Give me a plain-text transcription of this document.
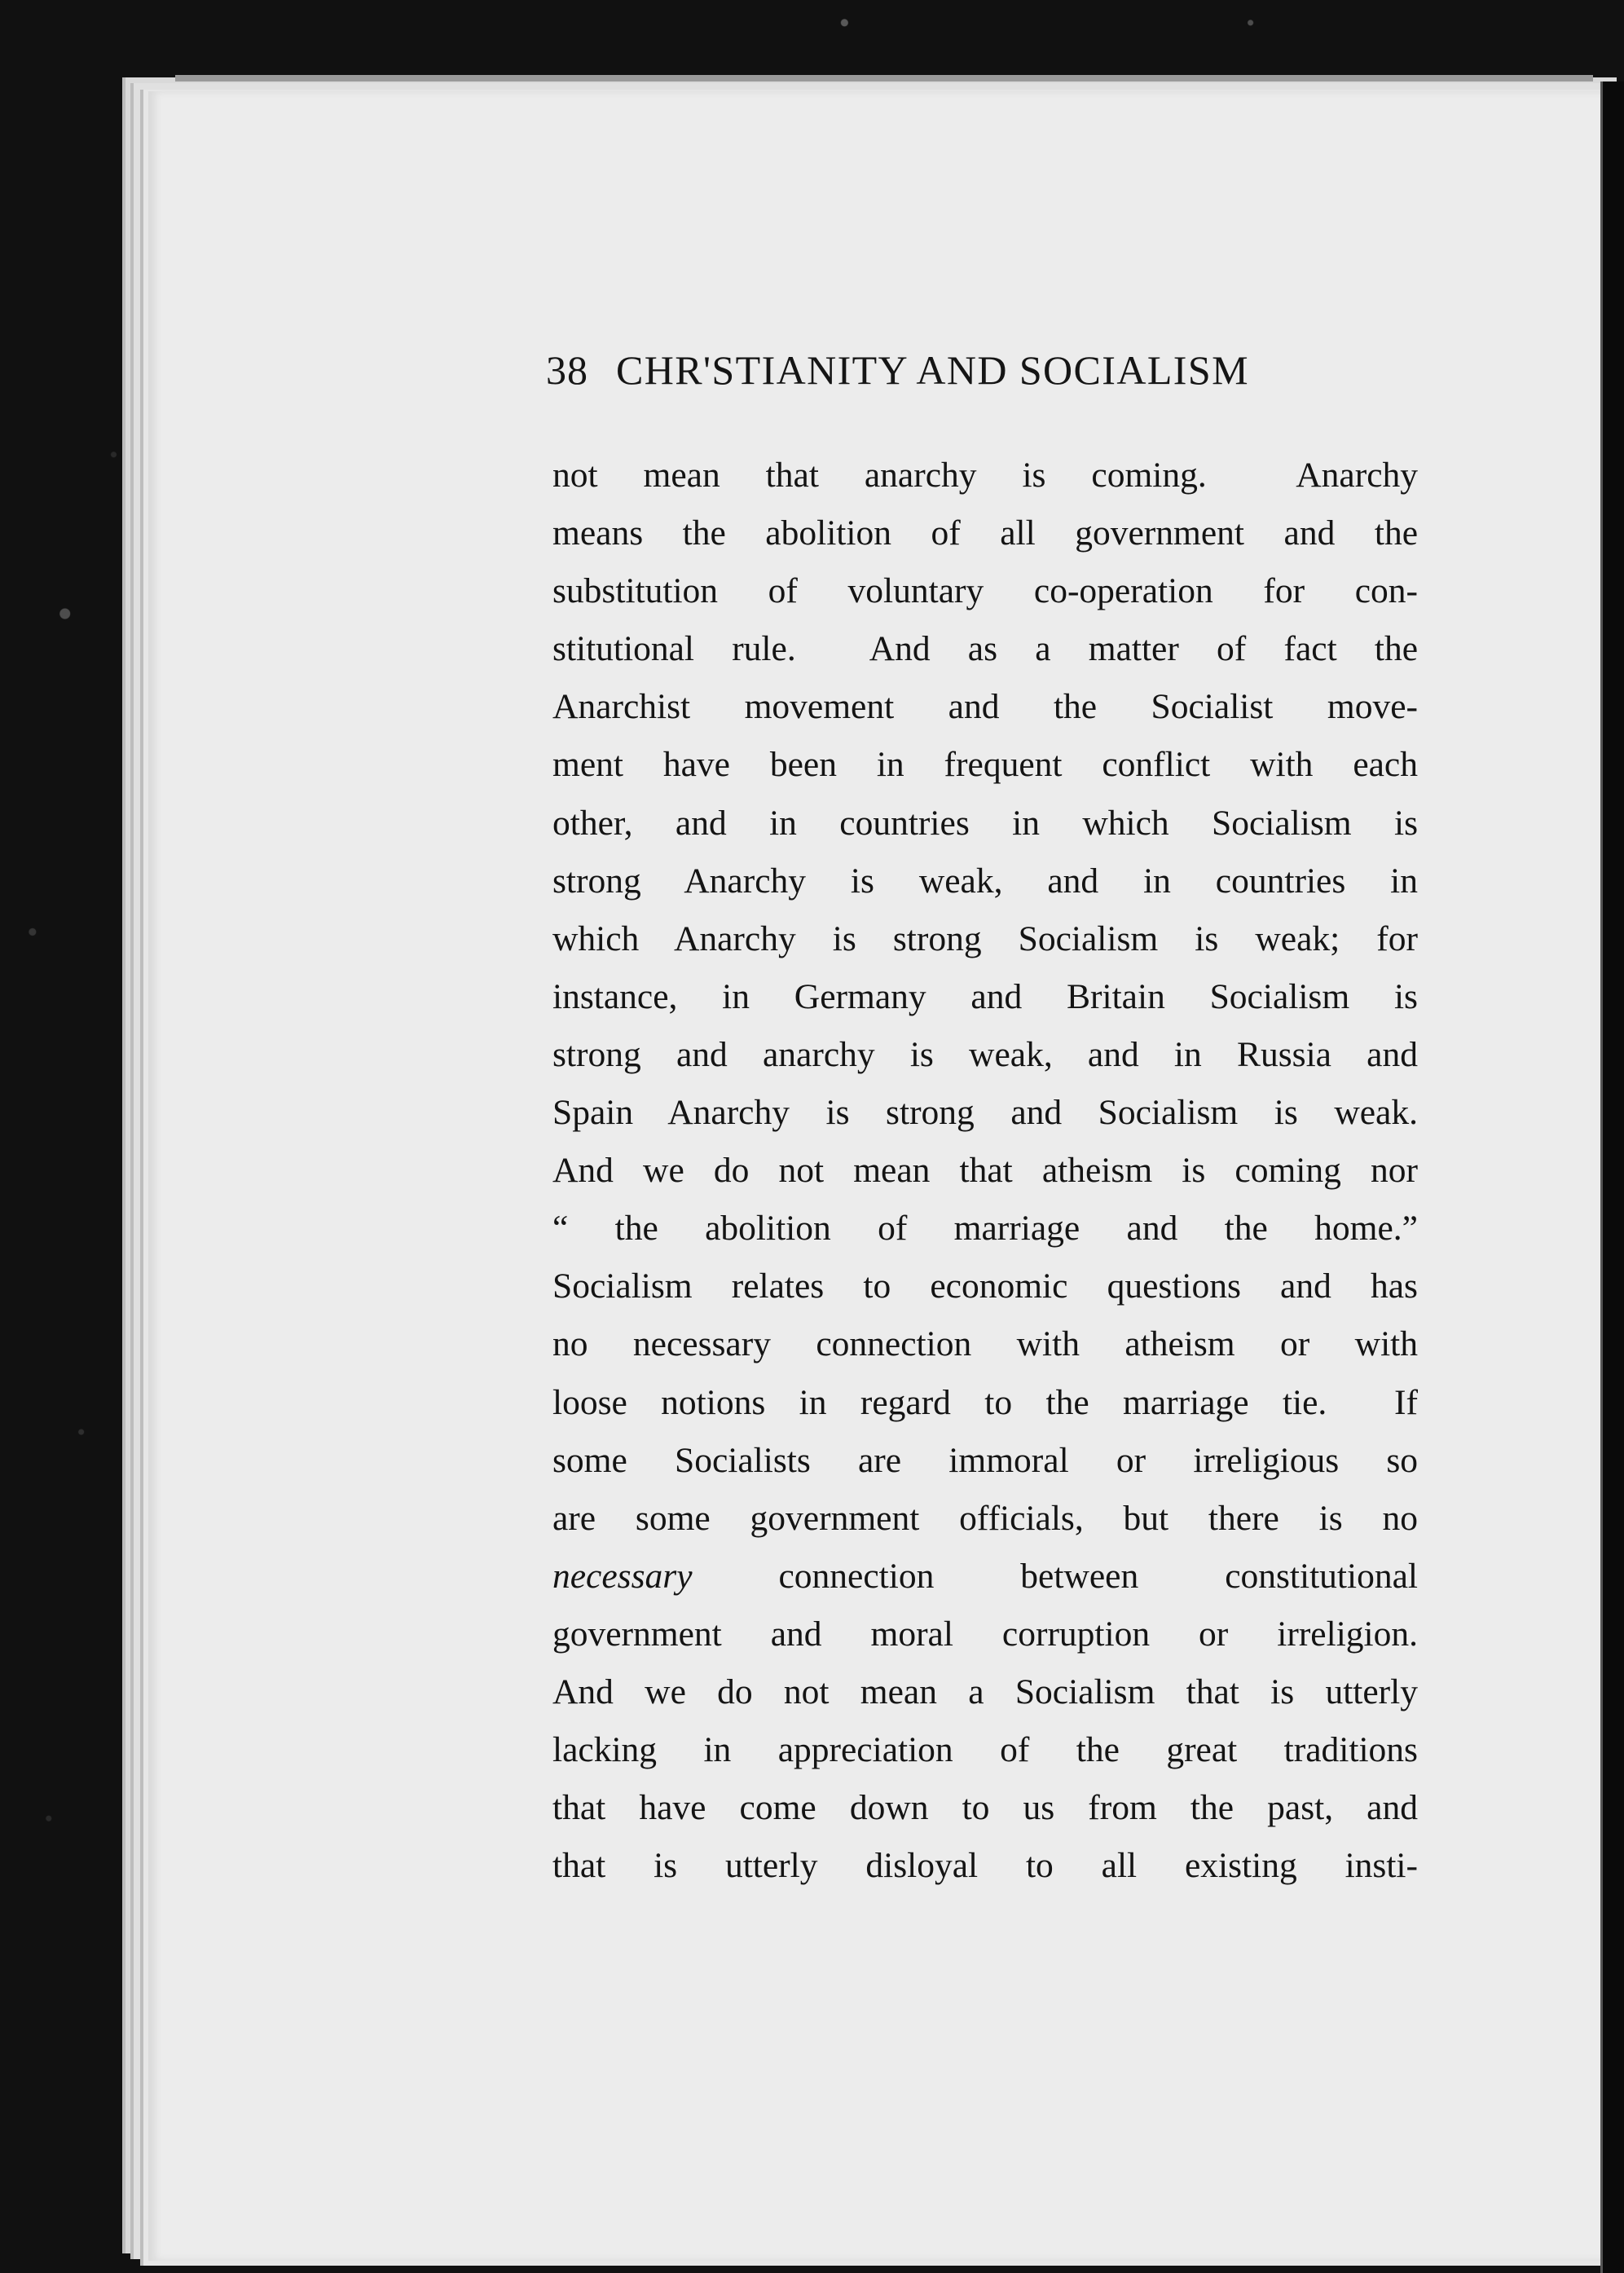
38 CHR'STIANITY AND SOCIALISM
not mean that anarchy is coming.  Anarchy
means the abolition of all government and the
substitution of voluntary co-operation for con-
stitutional rule.  And as a matter of fact the
Anarchist movement and the Socialist move-
ment have been in frequent conflict with each
other, and in countries in which Socialism is
strong Anarchy is weak, and in countries in
which Anarchy is strong Socialism is weak; for
instance, in Germany and Britain Socialism is
strong and anarchy is weak, and in Russia and
Spain Anarchy is strong and Socialism is weak.
And we do not mean that atheism is coming nor
“ the abolition of marriage and the home.”
Socialism relates to economic questions and has
no necessary connection with atheism or with
loose notions in regard to the marriage tie.  If
some Socialists are immoral or irreligious so
are some government officials, but there is no
necessary connection between constitutional
government and moral corruption or irreligion.
And we do not mean a Socialism that is utterly
lacking in appreciation of the great traditions
that have come down to us from the past, and
that is utterly disloyal to all existing insti-
